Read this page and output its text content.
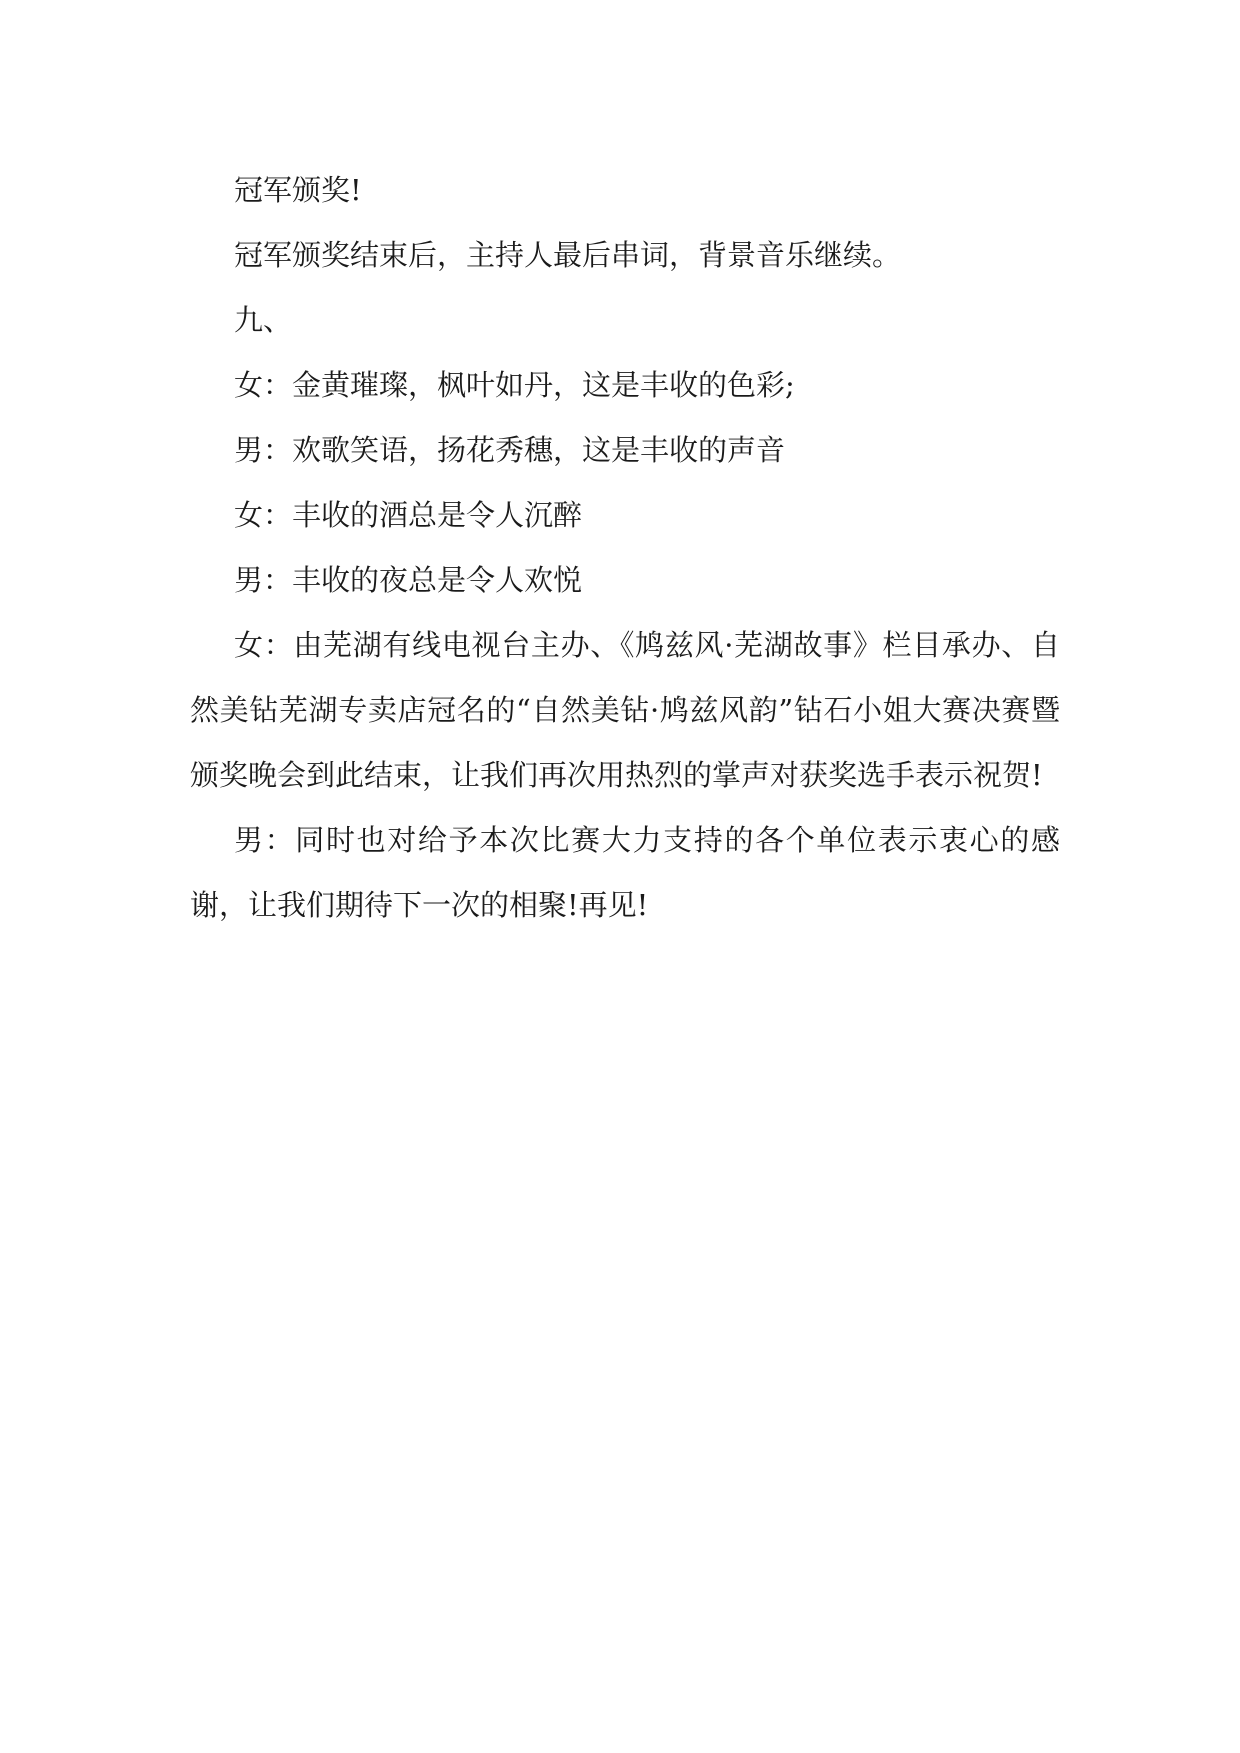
冠军颁奖!

冠军颁奖结束后，主持人最后串词，背景音乐继续。

九、

女：金黄璀璨，枫叶如丹，这是丰收的色彩;

男：欢歌笑语，扬花秀穗，这是丰收的声音

女：丰收的酒总是令人沉醉

男：丰收的夜总是令人欢悦

女：由芜湖有线电视台主办、《鸠兹风·芜湖故事》栏目承办、自然美钻芜湖专卖店冠名的“自然美钻·鸠兹风韵”钻石小姐大赛决赛暨颁奖晚会到此结束，让我们再次用热烈的掌声对获奖选手表示祝贺!

男：同时也对给予本次比赛大力支持的各个单位表示衷心的感谢，让我们期待下一次的相聚!再见!
